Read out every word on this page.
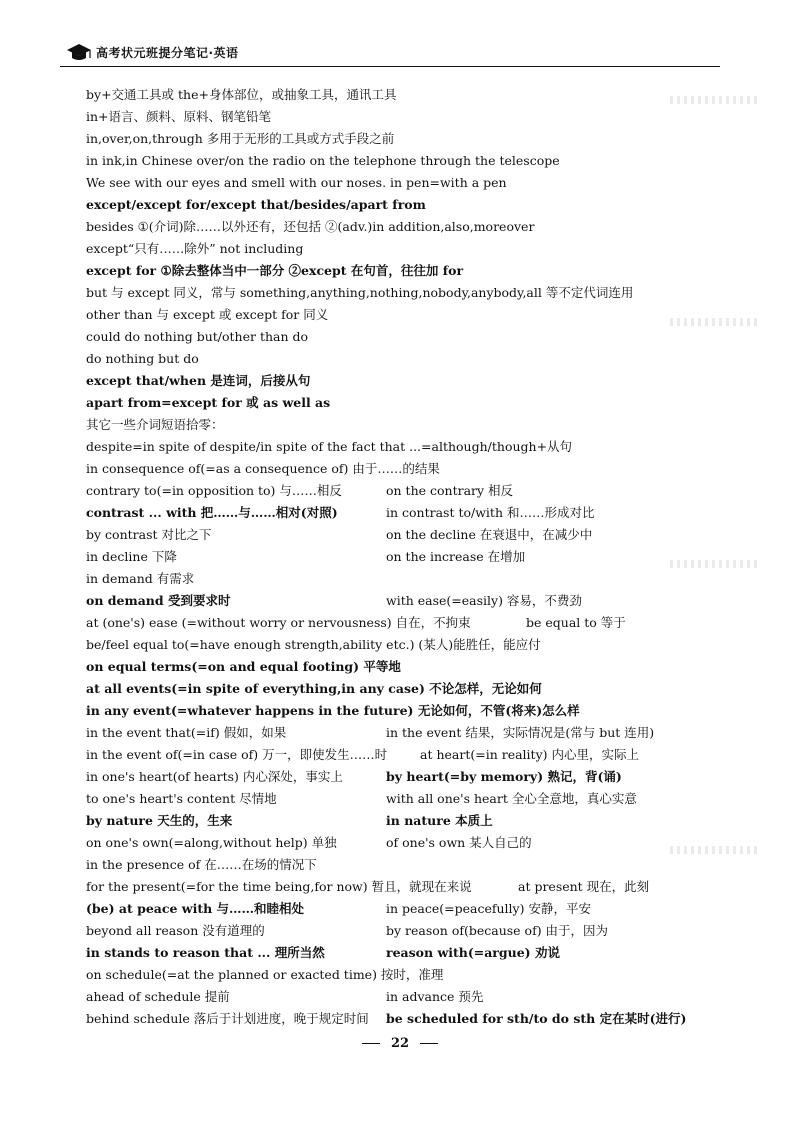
高考状元班提分笔记·英语
by+交通工具或 the+身体部位，或抽象工具，通讯工具
in+语言、颜料、原料、钢笔铅笔
in,over,on,through 多用于无形的工具或方式手段之前
in ink,in Chinese over/on the radio on the telephone through the telescope
We see with our eyes and smell with our noses. in pen=with a pen
except/except for/except that/besides/apart from
besides ①(介词)除……以外还有，还包括 ②(adv.)in addition,also,moreover
except“只有……除外” not including
except for ①除去整体当中一部分 ②except 在句首，往往加 for
but 与 except 同义，常与 something,anything,nothing,nobody,anybody,all 等不定代词连用
other than 与 except 或 except for 同义
could do nothing but/other than do
do nothing but do
except that/when 是连词，后接从句
apart from=except for 或 as well as
其它一些介词短语拾零：
despite=in spite of despite/in spite of the fact that ...=although/though+从句
in consequence of(=as a consequence of) 由于……的结果
contrary to(=in opposition to) 与……相反	on the contrary 相反
contrast ... with 把……与……相对(对照)	in contrast to/with 和……形成对比
by contrast 对比之下	on the decline 在衰退中，在减少中
in decline 下降	on the increase 在增加
in demand 有需求
on demand 受到要求时	with ease(=easily) 容易，不费劲
at (one's) ease (=without worry or nervousness) 自在，不拘束	be equal to 等于
be/feel equal to(=have enough strength,ability etc.) (某人)能胜任，能应付
on equal terms(=on and equal footing) 平等地
at all events(=in spite of everything,in any case) 不论怎样，无论如何
in any event(=whatever happens in the future) 无论如何，不管(将来)怎么样
in the event that(=if) 假如，如果	in the event 结果，实际情况是(常与 but 连用)
in the event of(=in case of) 万一，即使发生……时	at heart(=in reality) 内心里，实际上
in one's heart(of hearts) 内心深处，事实上	by heart(=by memory) 熟记，背(诵)
to one's heart's content 尽情地	with all one's heart 全心全意地，真心实意
by nature 天生的，生来	in nature 本质上
on one's own(=along,without help) 单独	of one's own 某人自己的
in the presence of 在……在场的情况下
for the present(=for the time being,for now) 暂且，就现在来说	at present 现在，此刻
(be) at peace with 与……和睦相处	in peace(=peacefully) 安静，平安
beyond all reason 没有道理的	by reason of(because of) 由于，因为
in stands to reason that ... 理所当然	reason with(=argue) 劝说
on schedule(=at the planned or exacted time) 按时，准理
ahead of schedule 提前	in advance 预先
behind schedule 落后于计划进度，晚于规定时间 be scheduled for sth/to do sth 定在某时(进行)
22
